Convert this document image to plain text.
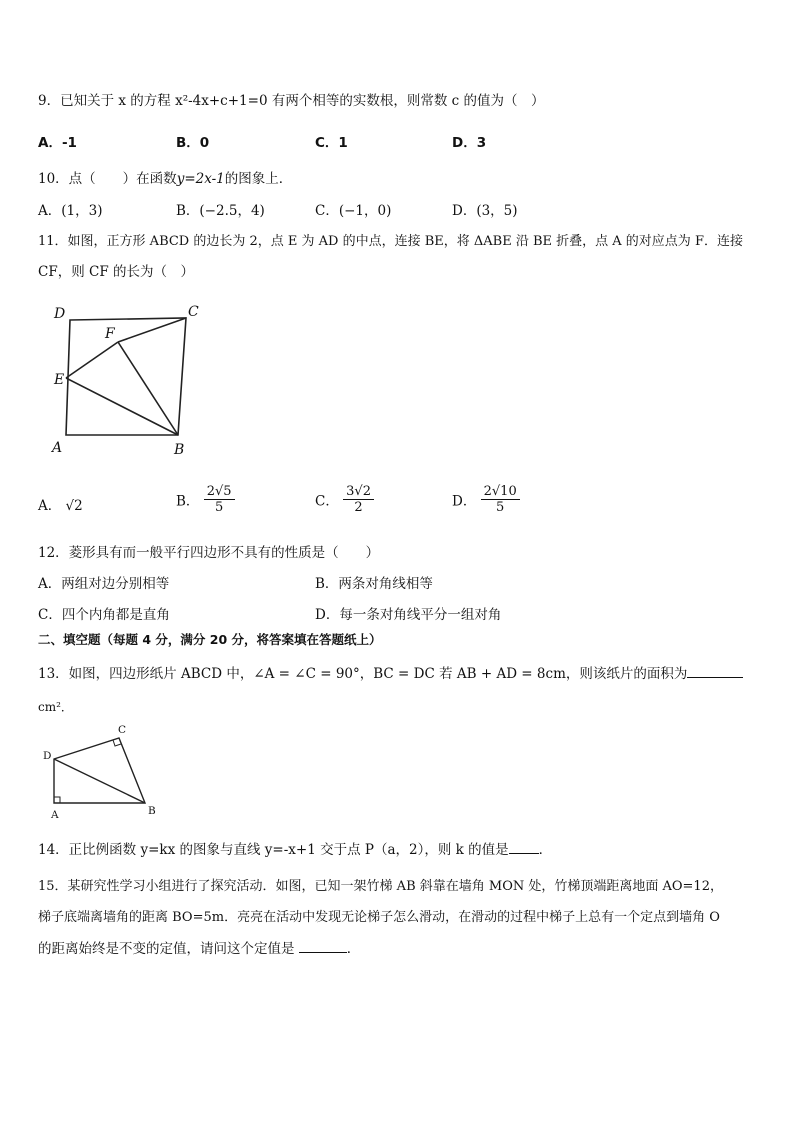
9．已知关于 x 的方程 x²-4x+c+1=0 有两个相等的实数根，则常数 c 的值为（　）
A．-1	B．0	C．1	D．3
10．点（　　）在函数y=2x-1的图象上．
A．(1，3)	B．(−2.5，4)	C．(−1，0)	D．(3，5)
11．如图，正方形 ABCD 的边长为 2，点 E 为 AD 的中点，连接 BE，将 ΔABE 沿 BE 折叠，点 A 的对应点为 F．连接
CF，则 CF 的长为（　）
D	C
F
E
A	B
A． √2	B． $\frac{2√5}{5}$	C． $\frac{3√2}{2}$	D． $\frac{2√10}{5}$
12．菱形具有而一般平行四边形不具有的性质是（　　）
A．两组对边分别相等	B．两条对角线相等
C．四个内角都是直角	D．每一条对角线平分一组对角
二、填空题（每题 4 分，满分 20 分，将答案填在答题纸上）
13．如图，四边形纸片 ABCD 中，∠A = ∠C = 90°，BC = DC 若 AB + AD = 8cm，则该纸片的面积为
cm²．
C
D
A	B
14．正比例函数 y=kx 的图象与直线 y=-x+1 交于点 P（a，2），则 k 的值是 ．
15．某研究性学习小组进行了探究活动．如图，已知一架竹梯 AB 斜靠在墙角 MON 处，竹梯顶端距离地面 AO=12，
梯子底端离墙角的距离 BO=5m．亮亮在活动中发现无论梯子怎么滑动，在滑动的过程中梯子上总有一个定点到墙角 O
的距离始终是不变的定值，请问这个定值是	．
